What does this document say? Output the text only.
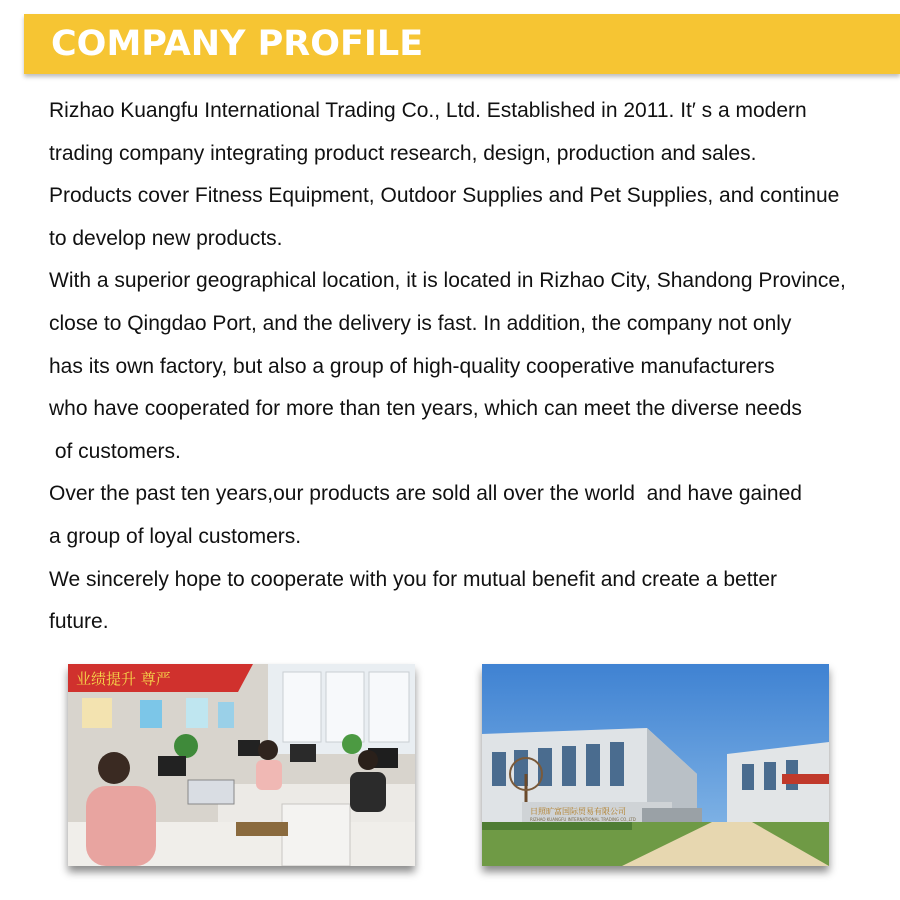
COMPANY PROFILE
Rizhao Kuangfu International Trading Co., Ltd. Established in 2011. It′ s a modern
trading company integrating product research, design, production and sales.
Products cover Fitness Equipment, Outdoor Supplies and Pet Supplies, and continue
to develop new products.
With a superior geographical location, it is located in Rizhao City, Shandong Province,
close to Qingdao Port, and the delivery is fast. In addition, the company not only
has its own factory, but also a group of high-quality cooperative manufacturers
who have cooperated for more than ten years, which can meet the diverse needs
of customers.
Over the past ten years,our products are sold all over the world  and have gained
a group of loyal customers.
We sincerely hope to cooperate with you for mutual benefit and create a better
future.
业绩提升 尊严
日照旷富国际贸易有限公司
RIZHAO KUANGFU INTERNATIONAL TRADING CO.,LTD
